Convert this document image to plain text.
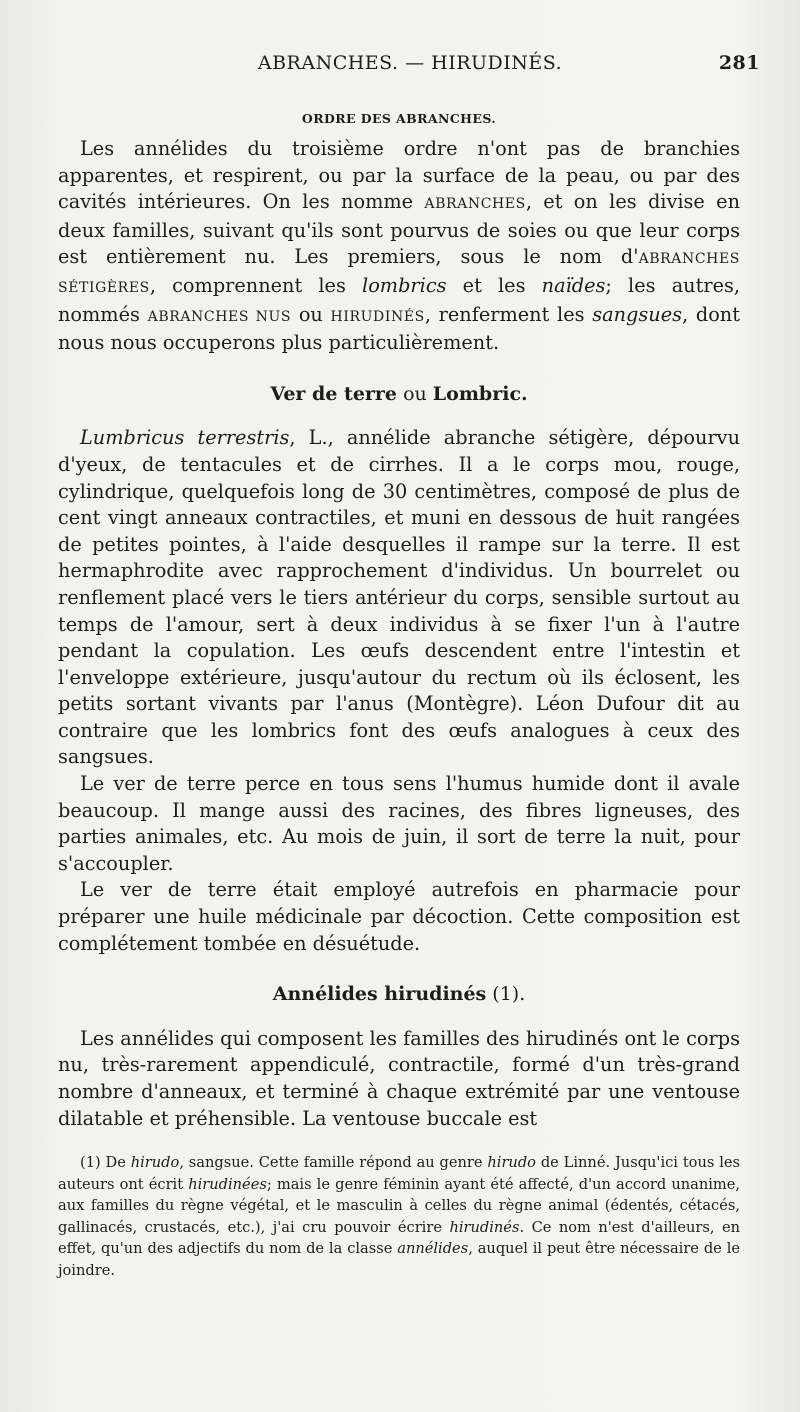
ABRANCHES. — HIRUDINÉS.	281
ORDRE DES ABRANCHES.

Les annélides du troisième ordre n'ont pas de branchies apparentes, et respirent, ou par la surface de la peau, ou par des cavités intérieures. On les nomme ABRANCHES, et on les divise en deux familles, suivant qu'ils sont pourvus de soies ou que leur corps est entièrement nu. Les premiers, sous le nom d'ABRANCHES SÉTIGÈRES, comprennent les lombrics et les naïdes; les autres, nommés ABRANCHES NUS ou HIRUDINÉS, renferment les sangsues, dont nous nous occuperons plus particulièrement.

Ver de terre ou Lombric.

Lumbricus terrestris, L., annélide abranche sétigère, dépourvu d'yeux, de tentacules et de cirrhes. Il a le corps mou, rouge, cylindrique, quelquefois long de 30 centimètres, composé de plus de cent vingt anneaux contractiles, et muni en dessous de huit rangées de petites pointes, à l'aide desquelles il rampe sur la terre. Il est hermaphrodite avec rapprochement d'individus. Un bourrelet ou renflement placé vers le tiers antérieur du corps, sensible surtout au temps de l'amour, sert à deux individus à se fixer l'un à l'autre pendant la copulation. Les œufs descendent entre l'intestin et l'enveloppe extérieure, jusqu'autour du rectum où ils éclosent, les petits sortant vivants par l'anus (Montègre). Léon Dufour dit au contraire que les lombrics font des œufs analogues à ceux des sangsues.

Le ver de terre perce en tous sens l'humus humide dont il avale beaucoup. Il mange aussi des racines, des fibres ligneuses, des parties animales, etc. Au mois de juin, il sort de terre la nuit, pour s'accoupler.

Le ver de terre était employé autrefois en pharmacie pour préparer une huile médicinale par décoction. Cette composition est complétement tombée en désuétude.

Annélides hirudinés (1).

Les annélides qui composent les familles des hirudinés ont le corps nu, très-rarement appendiculé, contractile, formé d'un très-grand nombre d'anneaux, et terminé à chaque extrémité par une ventouse dilatable et préhensible. La ventouse buccale est

(1) De hirudo, sangsue. Cette famille répond au genre hirudo de Linné. Jusqu'ici tous les auteurs ont écrit hirudinées; mais le genre féminin ayant été affecté, d'un accord unanime, aux familles du règne végétal, et le masculin à celles du règne animal (édentés, cétacés, gallinacés, crustacés, etc.), j'ai cru pouvoir écrire hirudinés. Ce nom n'est d'ailleurs, en effet, qu'un des adjectifs du nom de la classe annélides, auquel il peut être nécessaire de le joindre.
